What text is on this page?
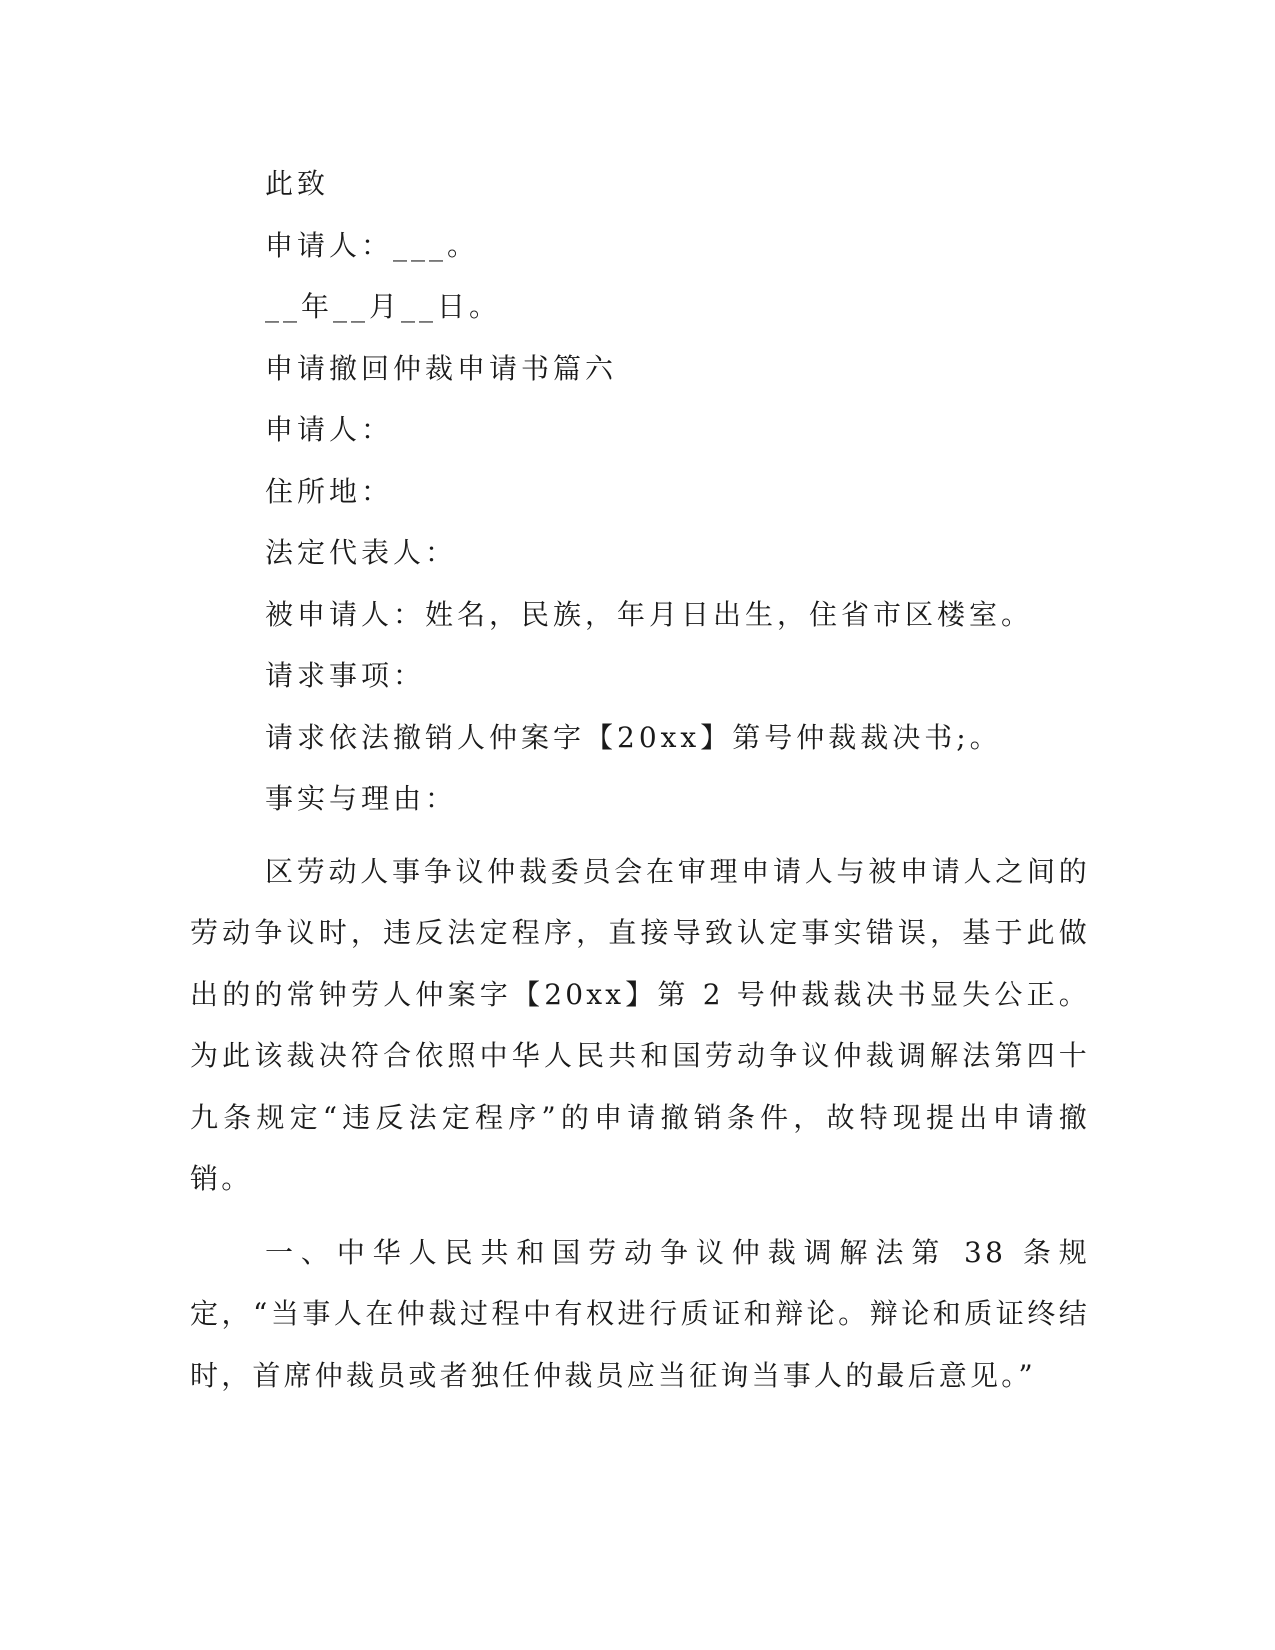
此致
申请人：___。
__年__月__日。
申请撤回仲裁申请书篇六
申请人：
住所地：
法定代表人：
被申请人：姓名，民族，年月日出生，住省市区楼室。
请求事项：
请求依法撤销人仲案字【20xx】第号仲裁裁决书;。
事实与理由：

区劳动人事争议仲裁委员会在审理申请人与被申请人之间的劳动争议时，违反法定程序，直接导致认定事实错误，基于此做出的的常钟劳人仲案字【20xx】第 2 号仲裁裁决书显失公正。为此该裁决符合依照中华人民共和国劳动争议仲裁调解法第四十九条规定“违反法定程序”的申请撤销条件，故特现提出申请撤销。

一、中华人民共和国劳动争议仲裁调解法第 38 条规定，“当事人在仲裁过程中有权进行质证和辩论。辩论和质证终结时，首席仲裁员或者独任仲裁员应当征询当事人的最后意见。”
